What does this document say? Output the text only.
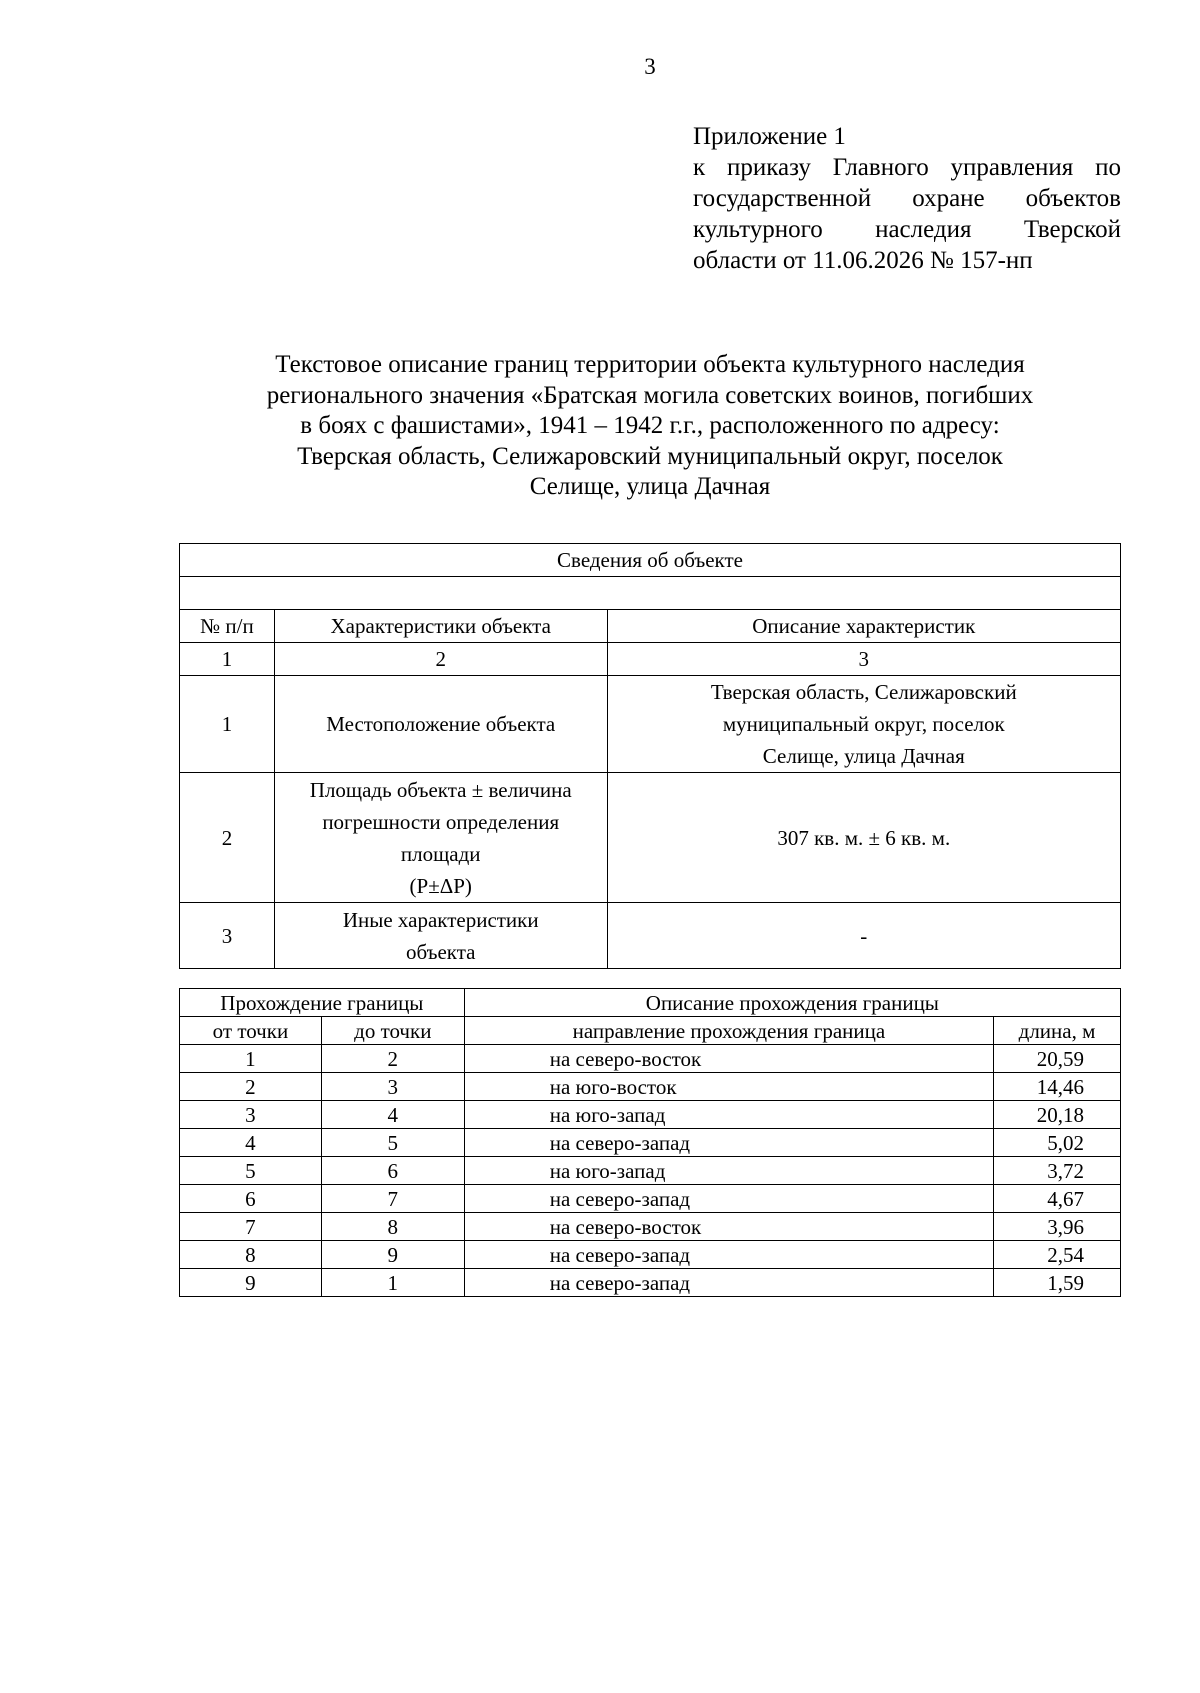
3
Приложение 1
к приказу Главного управления по
государственной охране объектов
культурного наследия Тверской
области от 11.06.2026 № 157-нп
Текстовое описание границ территории объекта культурного наследия
регионального значения «Братская могила советских воинов, погибших
в боях с фашистами», 1941 – 1942 г.г., расположенного по адресу:
Тверская область, Селижаровский муниципальный округ, поселок
Селище, улица Дачная
Сведения об объекте		

№ п/п	Характеристики объекта	Описание характеристик
1	2	3
1	Местоположение объекта	Тверская область, Селижаровский
муниципальный округ, поселок
Селище, улица Дачная

2	Площадь объекта ± величина
погрешности определения
площади
(Р±ΔР)	307 кв. м. ± 6 кв. м.

3	Иные характеристики
объекта	-
Прохождение границы		Описание прохождения границы	
от точки	до точки	направление прохождения граница	длина, м
1	2	на северо-восток	20,59
2	3	на юго-восток	14,46
3	4	на юго-запад	20,18
4	5	на северо-запад	5,02
5	6	на юго-запад	3,72
6	7	на северо-запад	4,67
7	8	на северо-восток	3,96
8	9	на северо-запад	2,54
9	1	на северо-запад	1,59
